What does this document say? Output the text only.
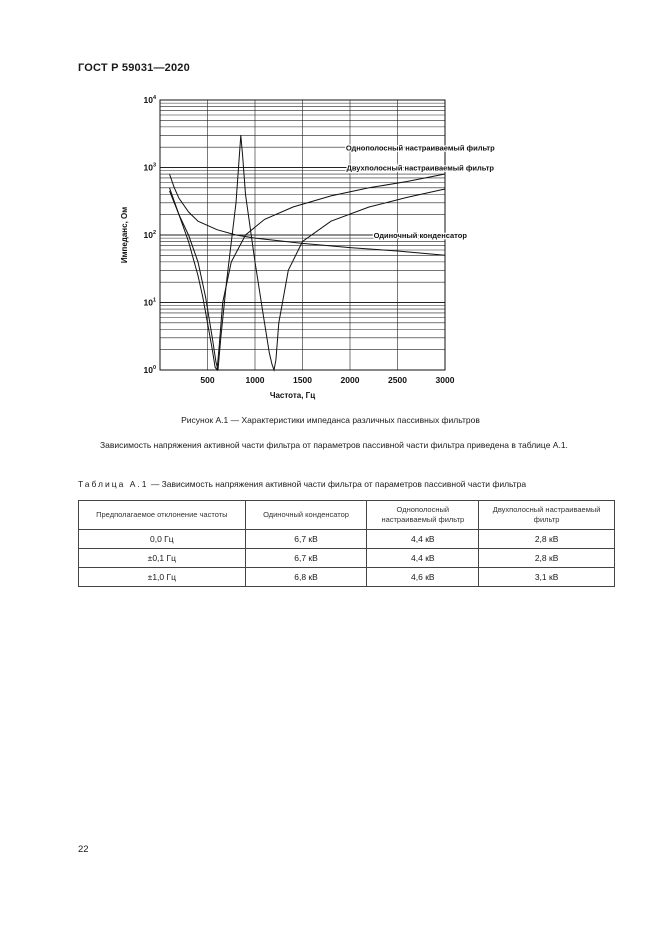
ГОСТ Р 59031—2020
500	1000	1500	2000	2500	3000
$10^0$
$10^1$
$10^2$
$10^3$
$10^4$
Частота, Гц
Импеданс, Ом
Однополосный настраиваемый фильтр
Двухполосный настраиваемый фильтр
Одиночный конденсатор
Рисунок А.1 — Характеристики импеданса различных пассивных фильтров
Зависимость напряжения активной части фильтра от параметров пассивной части фильтра приведена в таблице А.1.
Таблица А.1 — Зависимость напряжения активной части фильтра от параметров пассивной части фильтра
Предполагаемое отклонение частоты	Одиночный конденсатор	Однополосный настраиваемый фильтр	Двухполосный настраиваемый фильтр
0,0 Гц	6,7 кВ	4,4 кВ	2,8 кВ
±0,1 Гц	6,7 кВ	4,4 кВ	2,8 кВ
±1,0 Гц	6,8 кВ	4,6 кВ	3,1 кВ
22
